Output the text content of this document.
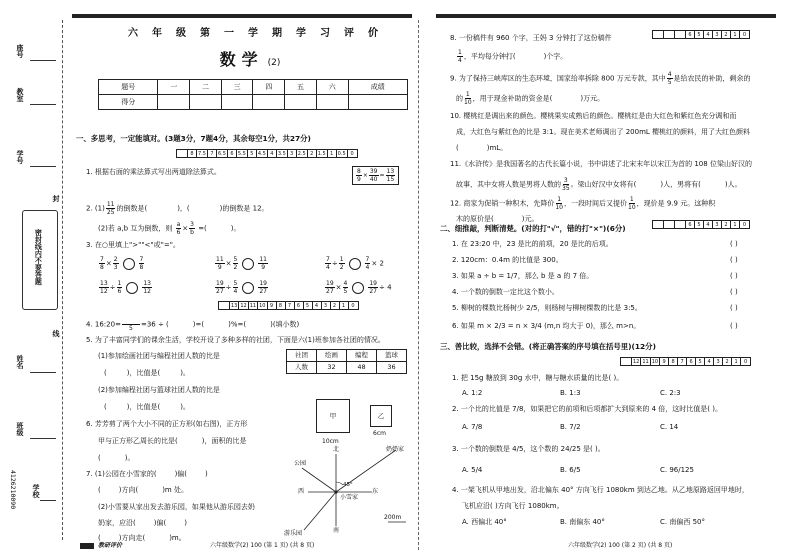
座号
教室
学号
密封线内不要答题
封
线
姓名
班级
学校
4126210090
六年级第一学期学习评价
数学 (2)
题号	一	二	三	四	五	六	成绩
得分							
一、多思考，一定能填对。(3题3分，7题4分，其余每空1分，共27分)
8 7.5 7 6.5 6 5.5 5 4.5 4 3.5 3 2.5 2 1.5 1 0.5 0
1. 根据右面的乘法算式写出两道除法算式。	$\frac{8}{9} \times \frac{39}{40} = \frac{13}{15}$
2. $(1) \frac{11}{25}$ 的倒数是(	)，(	)的倒数是 12。
(2)若 a,b 互为倒数，则 $\frac{a}{6} \times \frac{3}{b}$ =(	)。
3. 在○里填上">""<"或"="。
$\frac{7}{8} \times \frac{2}{3}$	$\frac{7}{8}$	$\frac{11}{9} \times \frac{5}{2}$	$\frac{11}{9}$	$\frac{7}{4} \div \frac{1}{2}$	$\frac{7}{4} \times 2$
$\frac{13}{12} \div \frac{1}{6}$	$\frac{13}{12}$	$\frac{19}{27} \div \frac{5}{4}$	$\frac{19}{27}$	$\frac{19}{27} \times \frac{4}{5}$	$\frac{19}{27} \div 4$
13 12 11 10 9	8	7	6	5	4	3	2	1	0
4. 16:20=
5 =36 ÷ (	)=(	)%=(	)(填小数)
5. 为了丰富同学们的课余生活，学校开设了多种多样的社团，下面是六(1)班参加各社团的情况。
(1)参加绘画社团与编程社团人数的比是
(	)，比值是(	)。
(2)参加编程社团与篮球社团人数的比是
(	)，比值是(	)。
社团	绘画	编程	篮球
人数	32	48	36
6. 芳芳剪了两个大小不同的正方形(如右图)，正方形
甲与正方形乙周长的比是(	)，面积的比是
(	)。
甲
10cm
乙
6cm
7. (1)公园在小雪家的(	)偏(	)
(	)方向(	)m 处。
(2)小雪要从家出发去游乐园，如果他从游乐园去奶
奶家，应沿(	)偏(	)
(	)方向走(	)m。
北
南
东
西
公园
奶奶家
小雪家
游乐园
45°
200m
8. 一份稿件有 960 个字，王妈 3 分钟打了这份稿件	6	5	4	3	2	1	0
$\frac{1}{4}$ ，平均每分钟打(	)个字。
9. 为了保持三峡库区的生态环境，国家给率拆除 800 万元专款，其中 $\frac{4}{5}$ 是给农民的补助，剩余的
的 $\frac{1}{10}$ ，用于现金补助的资金是(	)万元。
10. 樱桃红是调出来的颜色。樱桃果实成熟后的颜色。樱桃红是由大红色和紫红色充分调和而
成，大红色与紫红色的比是 3:1。现在美术老师调出了 200mL 樱桃红的颜料，用了大红色颜料
(	)mL。
11.《水浒传》是我国著名的古代长篇小说，书中讲述了北宋末年以宋江为首的 108 位梁山好汉的
故事，其中女将人数是男将人数的 $\frac{3}{35}$ 。梁山好汉中女将有(	)人，男将有(	)人。
12. 商家为促销一种积木，先降价 $\frac{1}{10}$ ，一段时间后又提价 $\frac{1}{10}$ ，现价是 9.9 元。这种积
木的原价是(	)元。
6	5	4	3	2	1	0
二、细推敲，判断清楚。(对的打"√"，错的打"×")(6分)
1. 在 23:20 中，23 是比的前项，20 是比的后项。	( )
2. 120cm：0.4m 的比值是 300。	( )
3. 如果 a ÷ b = 1/7，那么 b 是 a 的 7 倍。	( )
4. 一个数的倒数一定比这个数小。	( )
5. 柳树的棵数比杨树少 2/5，则杨树与柳树棵数的比是 3:5。	( )
6. 如果 m × 2/3 = n × 3/4 (m,n 均大于 0)，那么 m>n。	( )
三、善比较，选择不会错。(将正确答案的序号填在括号里)(12分)
12 11 10 9	8	7	6	5	4	3	2	1	0
1. 把 15g 糖放到 30g 水中，糖与糖水质量的比是( )。
A. 1:2	B. 1:3	C. 2:3
2. 一个比的比值是 7/8，如果把它的前项和后项都扩大到原来的 4 倍，这时比值是( )。
A. 7/8	B. 7/2	C. 14
3. 一个数的倒数是 4/5，这个数的 24/25 是( )。
A. 5/4	B. 6/5	C. 96/125
4. 一架飞机从甲地出发，沿北偏东 40° 方向飞行 1080km 到达乙地。从乙地原路返回甲地时，
飞机应沿( )方向飞行 1080km。
A. 西偏北 40°	B. 南偏东 40°	C. 南偏西 50°
教研评价	六年级数学(2) 100 (第 1 页) (共 8 页)	六年级数学(2) 100 (第 2 页) (共 8 页)
